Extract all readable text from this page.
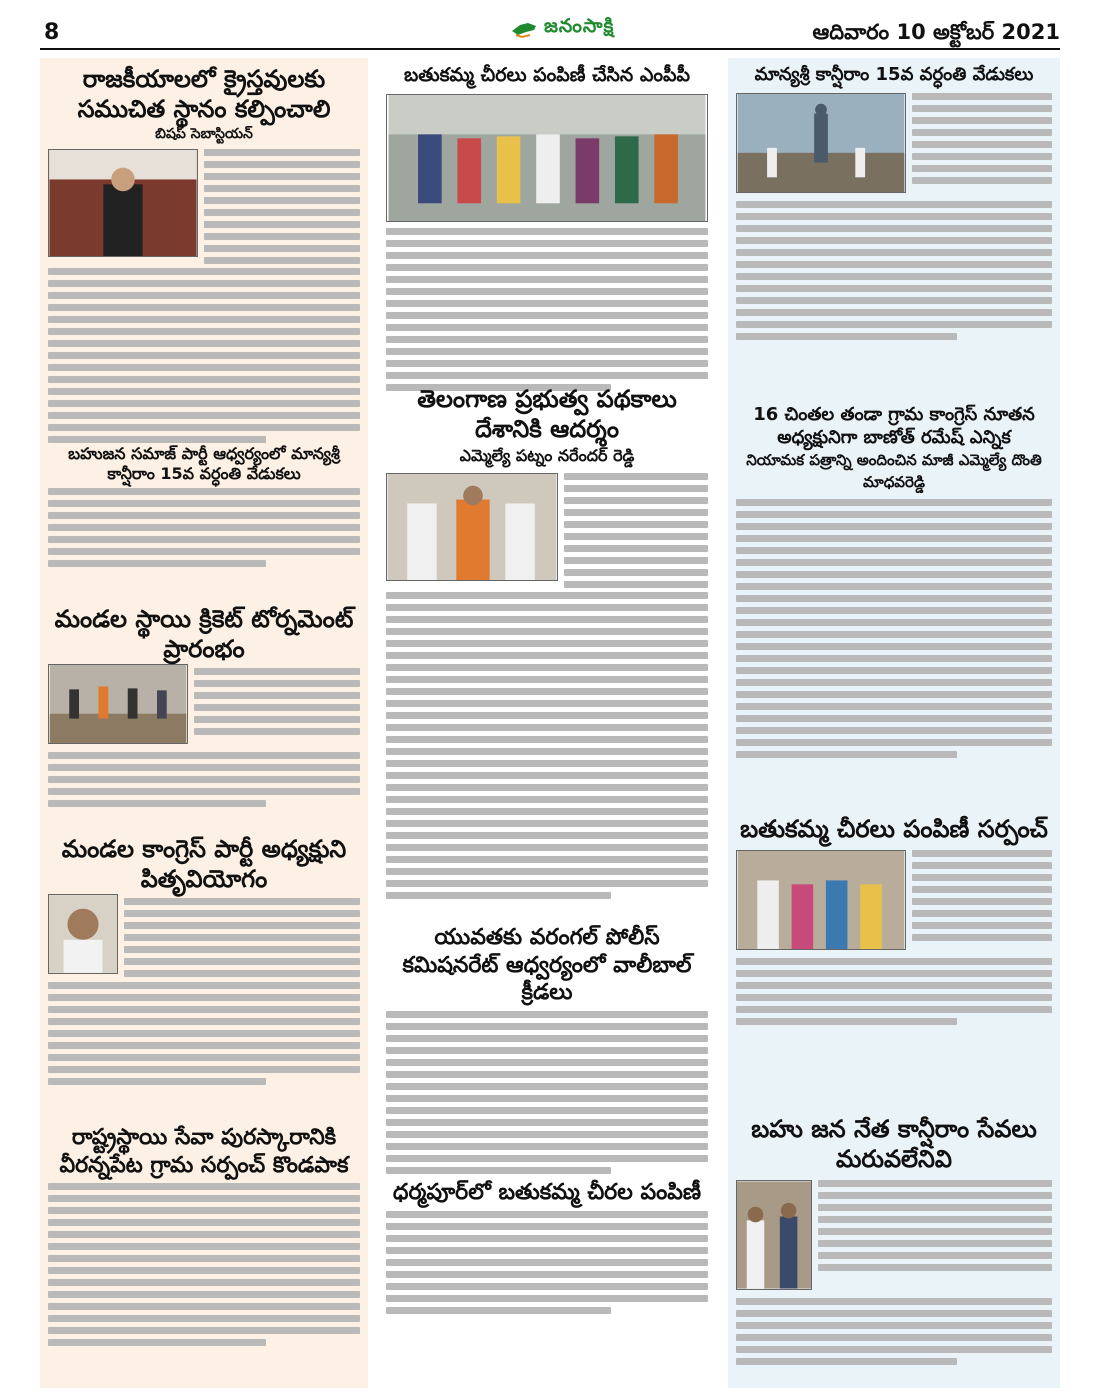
8	జనంసాక్షి	ఆదివారం 10 అక్టోబర్ 2021
రాజకీయాలలో క్రైస్తవులకు సముచిత స్థానం కల్పించాలి
బిషప్ సెబాస్టియన్
బహుజన సమాజ్ పార్టీ ఆధ్వర్యంలో మాన్యశ్రీ కాన్షీరాం 15వ వర్ధంతి వేడుకలు
మండల స్థాయి క్రికెట్ టోర్నమెంట్ ప్రారంభం
మండల కాంగ్రెస్ పార్టీ అధ్యక్షుని పితృవియోగం
రాష్ట్రస్థాయి సేవా పురస్కారానికి వీరన్నపేట గ్రామ సర్పంచ్ కొండపాక
బతుకమ్మ చీరలు పంపిణీ చేసిన ఎంపీపీ
తెలంగాణ ప్రభుత్వ పథకాలు దేశానికి ఆదర్శం
ఎమ్మెల్యే పట్నం నరేందర్ రెడ్డి
యువతకు వరంగల్ పోలీస్ కమిషనరేట్ ఆధ్వర్యంలో వాలీబాల్ క్రీడలు
ధర్మపూర్‌లో బతుకమ్మ చీరల పంపిణీ
మాన్యశ్రీ కాన్షీరాం 15వ వర్ధంతి వేడుకలు
16 చింతల తండా గ్రామ కాంగ్రెస్ నూతన అధ్యక్షునిగా బాణోత్ రమేష్ ఎన్నిక
నియామక పత్రాన్ని అందించిన మాజీ ఎమ్మెల్యే దొంతి మాధవరెడ్డి
బతుకమ్మ చీరలు పంపిణీ సర్పంచ్
బహు జన నేత కాన్షీరాం సేవలు మరువలేనివి
